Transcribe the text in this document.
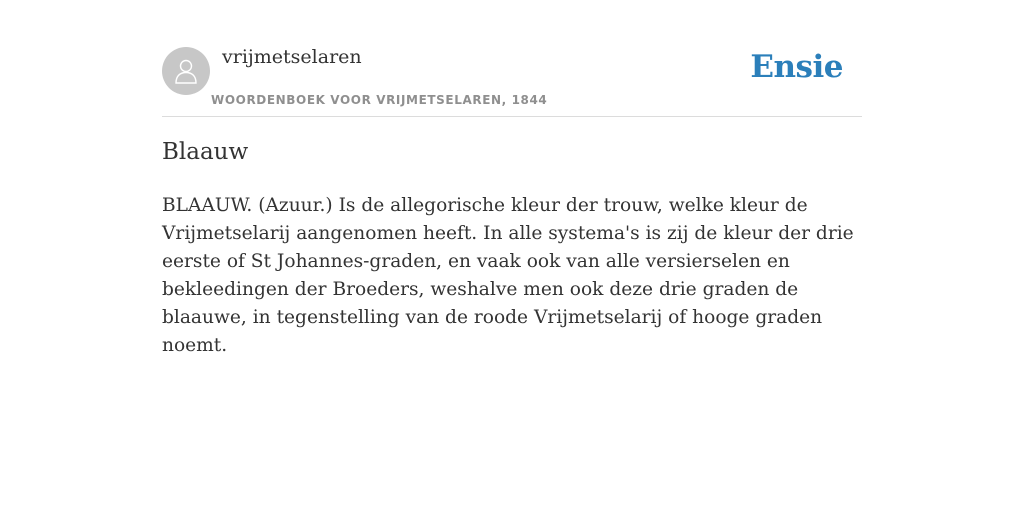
vrijmetselaren
WOORDENBOEK VOOR VRIJMETSELAREN, 1844
Ensie
Blaauw

BLAAUW. (Azuur.) Is de allegorische kleur der trouw, welke kleur de Vrijmetselarij aangenomen heeft. In alle systema's is zij de kleur der drie eerste of St Johannes-graden, en vaak ook van alle versierselen en bekleedingen der Broeders, weshalve men ook deze drie graden de blaauwe, in tegenstelling van de roode Vrijmetselarij of hooge graden noemt.
